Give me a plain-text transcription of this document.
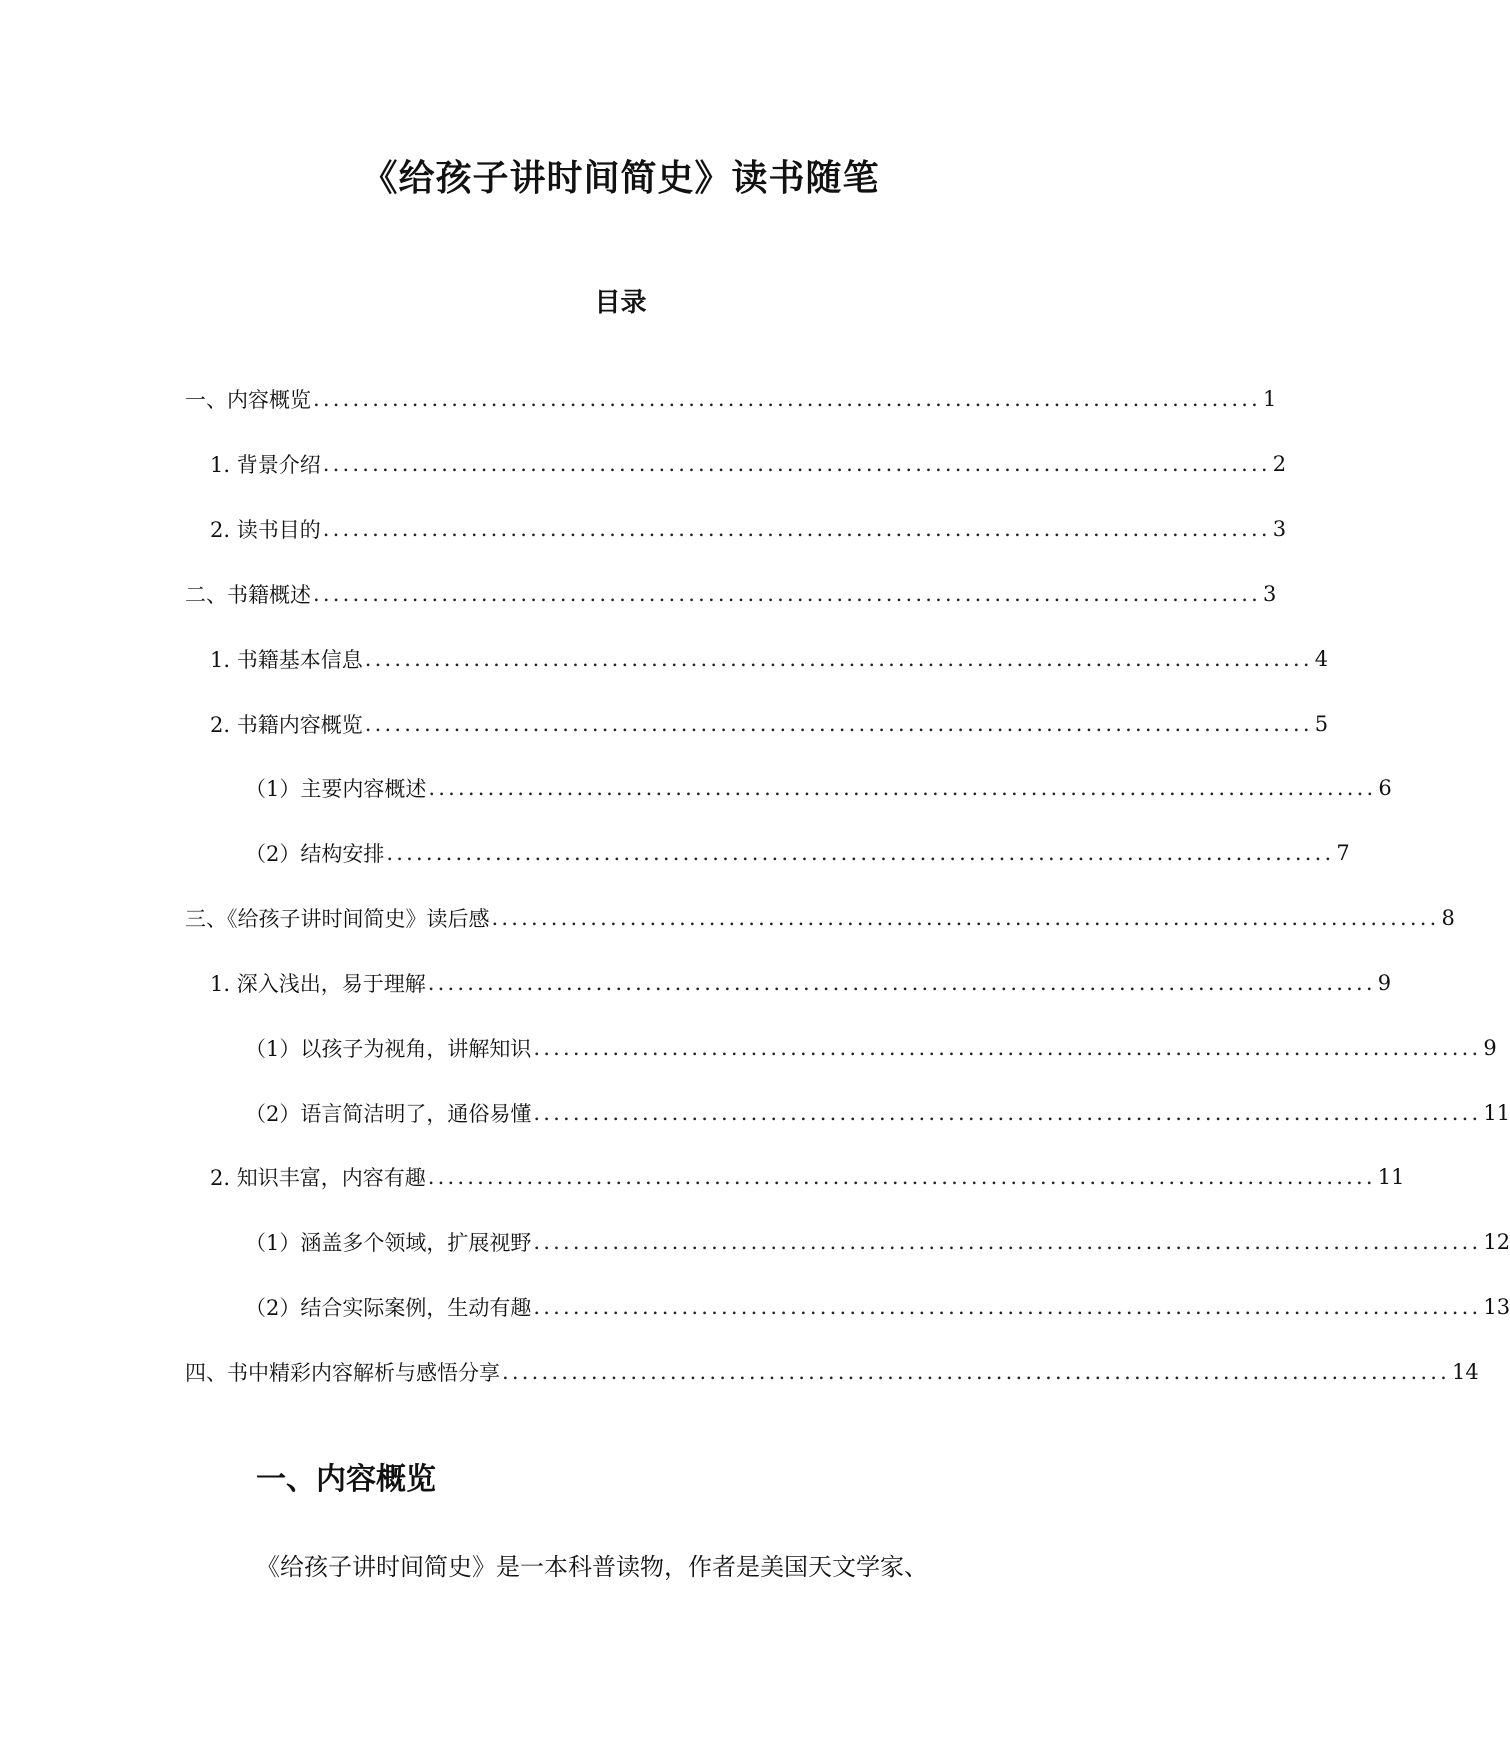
《给孩子讲时间简史》读书随笔
目录
一、内容概览 ................................................................................................ 1
1. 背景介绍 ................................................................................................ 2
2. 读书目的 ................................................................................................ 3
二、书籍概述 ................................................................................................ 3
1. 书籍基本信息 ................................................................................................ 4
2. 书籍内容概览 ................................................................................................ 5
（1）主要内容概述 ................................................................................................ 6
（2）结构安排 ................................................................................................ 7
三、《给孩子讲时间简史》读后感 ................................................................................................ 8
1. 深入浅出，易于理解 ................................................................................................ 9
（1）以孩子为视角，讲解知识 ................................................................................................ 9
（2）语言简洁明了，通俗易懂 ................................................................................................ 11
2. 知识丰富，内容有趣 ................................................................................................ 11
（1）涵盖多个领域，扩展视野 ................................................................................................ 12
（2）结合实际案例，生动有趣 ................................................................................................ 13
四、书中精彩内容解析与感悟分享 ................................................................................................ 14
一、内容概览

《给孩子讲时间简史》是一本科普读物，作者是美国天文学家、
